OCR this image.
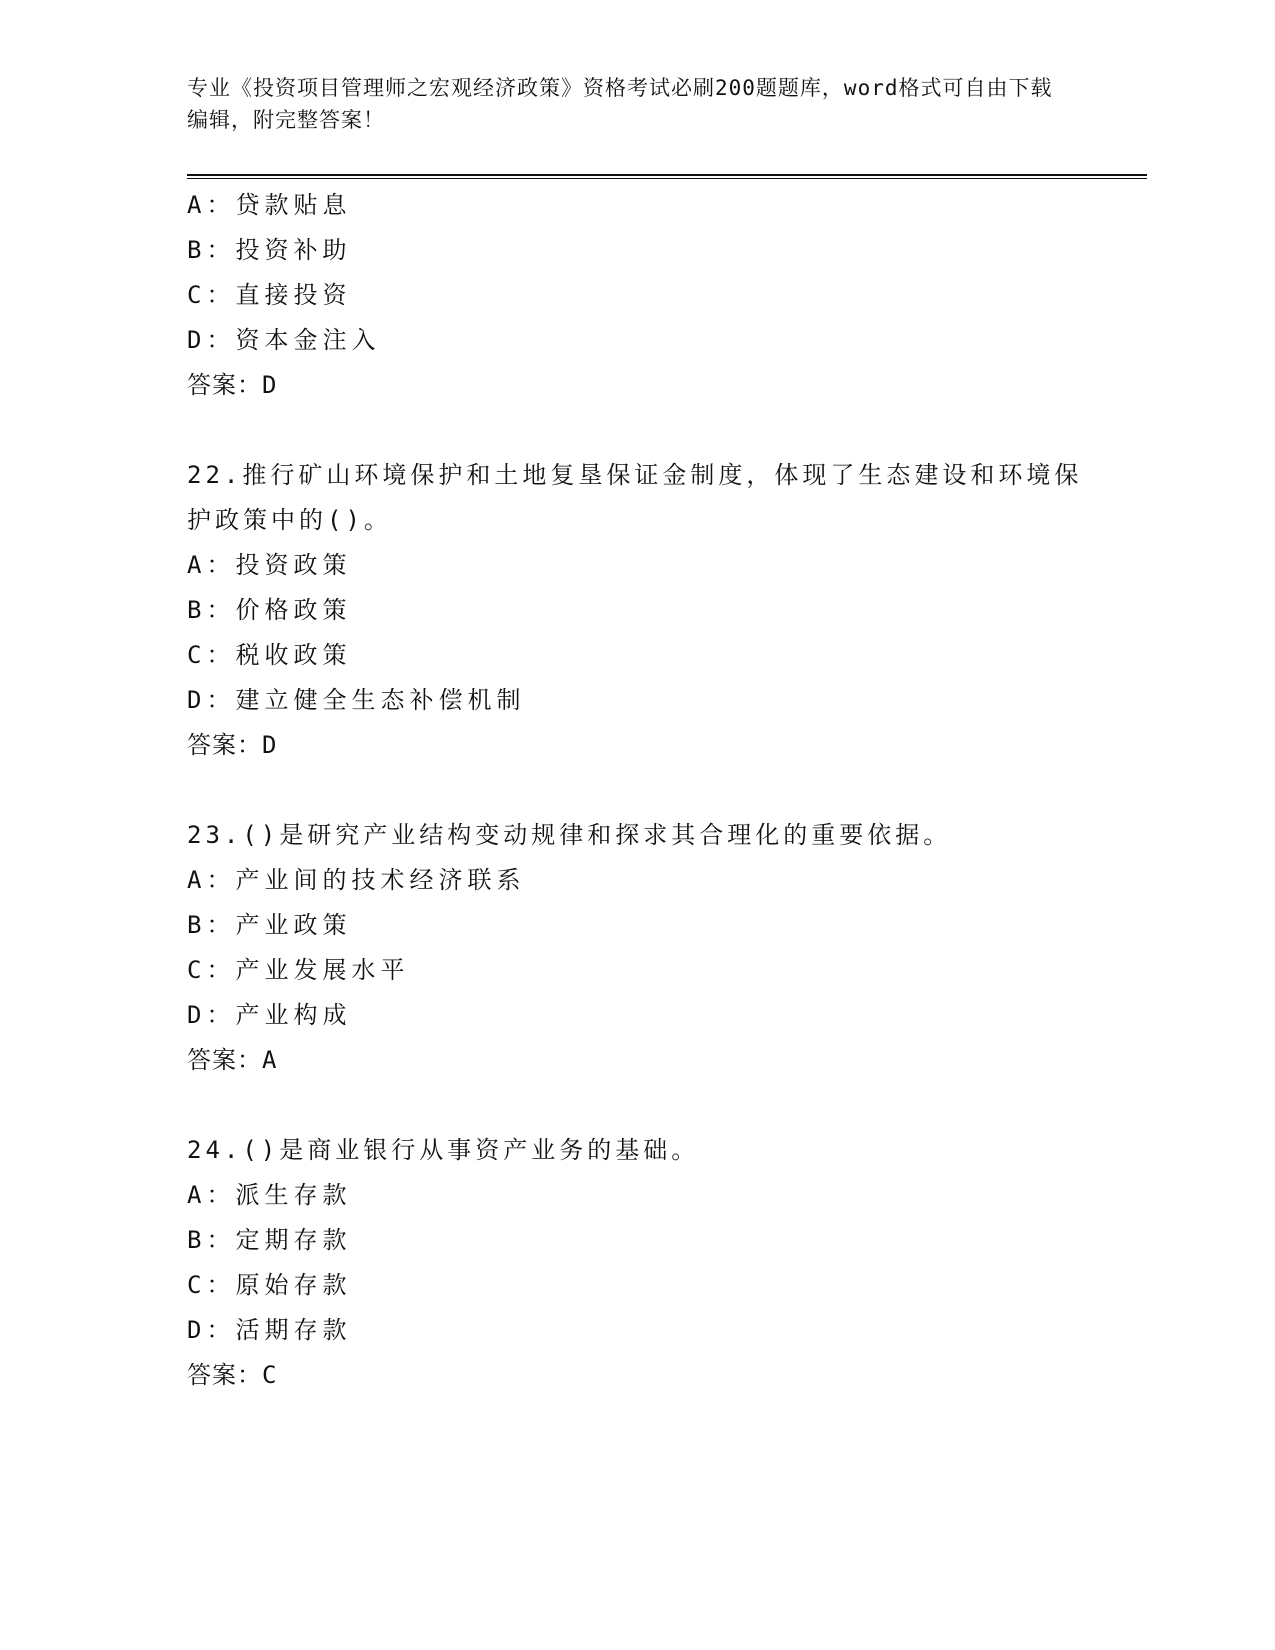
专业《投资项目管理师之宏观经济政策》资格考试必刷200题题库，word格式可自由下载编辑，附完整答案！
A：贷款贴息
B：投资补助
C：直接投资
D：资本金注入
答案：D
22.推行矿山环境保护和土地复垦保证金制度，体现了生态建设和环境保护政策中的()。
A：投资政策
B：价格政策
C：税收政策
D：建立健全生态补偿机制
答案：D
23.()是研究产业结构变动规律和探求其合理化的重要依据。
A：产业间的技术经济联系
B：产业政策
C：产业发展水平
D：产业构成
答案：A
24.()是商业银行从事资产业务的基础。
A：派生存款
B：定期存款
C：原始存款
D：活期存款
答案：C
